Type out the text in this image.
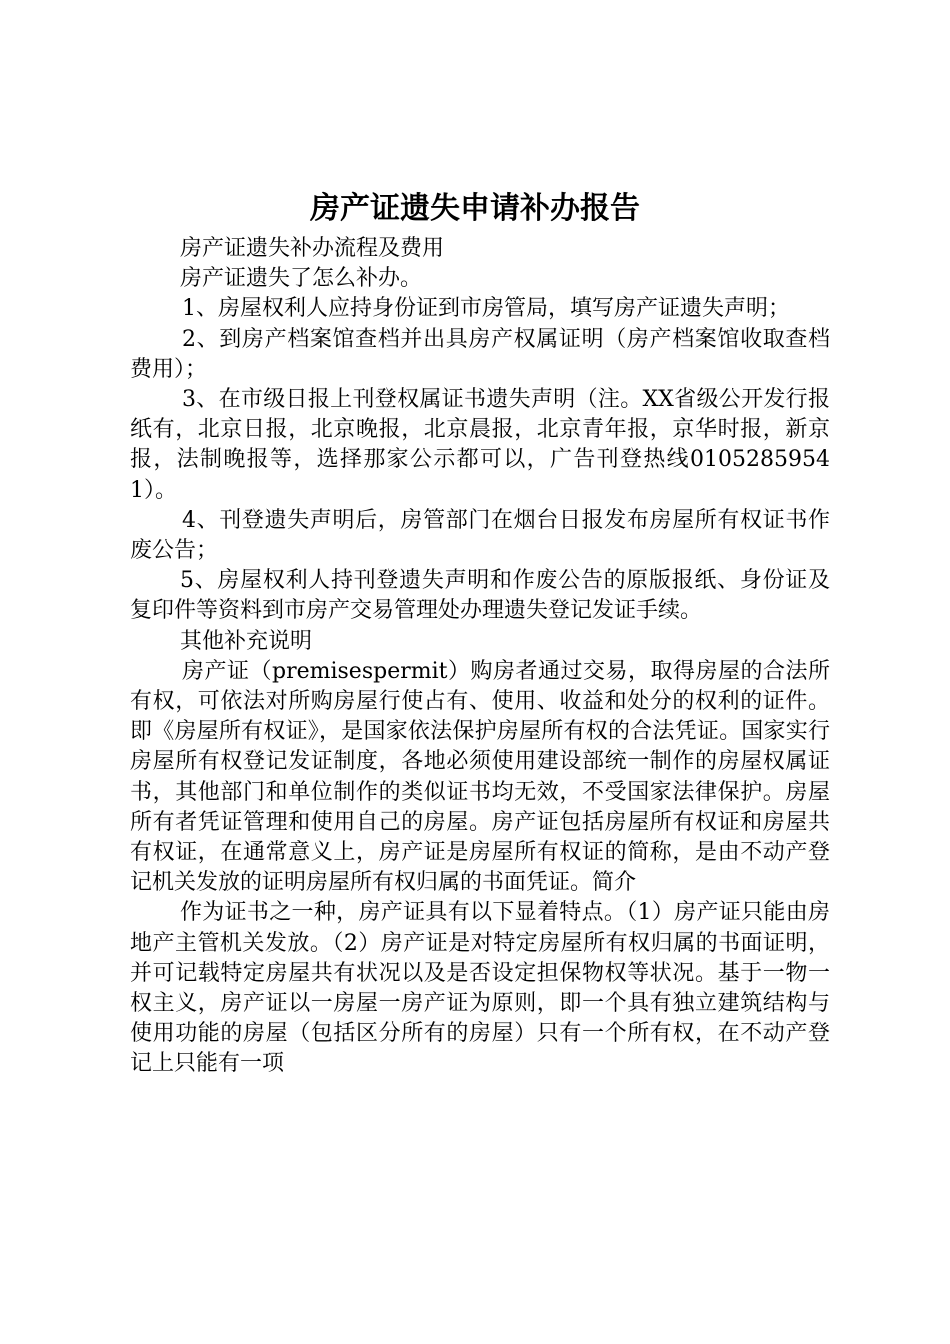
房产证遗失申请补办报告

房产证遗失补办流程及费用

房产证遗失了怎么补办。

1、房屋权利人应持身份证到市房管局，填写房产证遗失声明；

2、到房产档案馆查档并出具房产权属证明（房产档案馆收取查档费用）；

3、在市级日报上刊登权属证书遗失声明（注。XX省级公开发行报纸有，北京日报，北京晚报，北京晨报，北京青年报，京华时报，新京报，法制晚报等，选择那家公示都可以，广告刊登热线01052859541）。

4、刊登遗失声明后，房管部门在烟台日报发布房屋所有权证书作废公告；

5、房屋权利人持刊登遗失声明和作废公告的原版报纸、身份证及复印件等资料到市房产交易管理处办理遗失登记发证手续。

其他补充说明

房产证（premisespermit）购房者通过交易，取得房屋的合法所有权，可依法对所购房屋行使占有、使用、收益和处分的权利的证件。即《房屋所有权证》，是国家依法保护房屋所有权的合法凭证。国家实行房屋所有权登记发证制度，各地必须使用建设部统一制作的房屋权属证书，其他部门和单位制作的类似证书均无效，不受国家法律保护。房屋所有者凭证管理和使用自己的房屋。房产证包括房屋所有权证和房屋共有权证，在通常意义上，房产证是房屋所有权证的简称，是由不动产登记机关发放的证明房屋所有权归属的书面凭证。简介

作为证书之一种，房产证具有以下显着特点。（1）房产证只能由房地产主管机关发放。（2）房产证是对特定房屋所有权归属的书面证明，并可记载特定房屋共有状况以及是否设定担保物权等状况。基于一物一权主义，房产证以一房屋一房产证为原则，即一个具有独立建筑结构与使用功能的房屋（包括区分所有的房屋）只有一个所有权，在不动产登记上只能有一项
